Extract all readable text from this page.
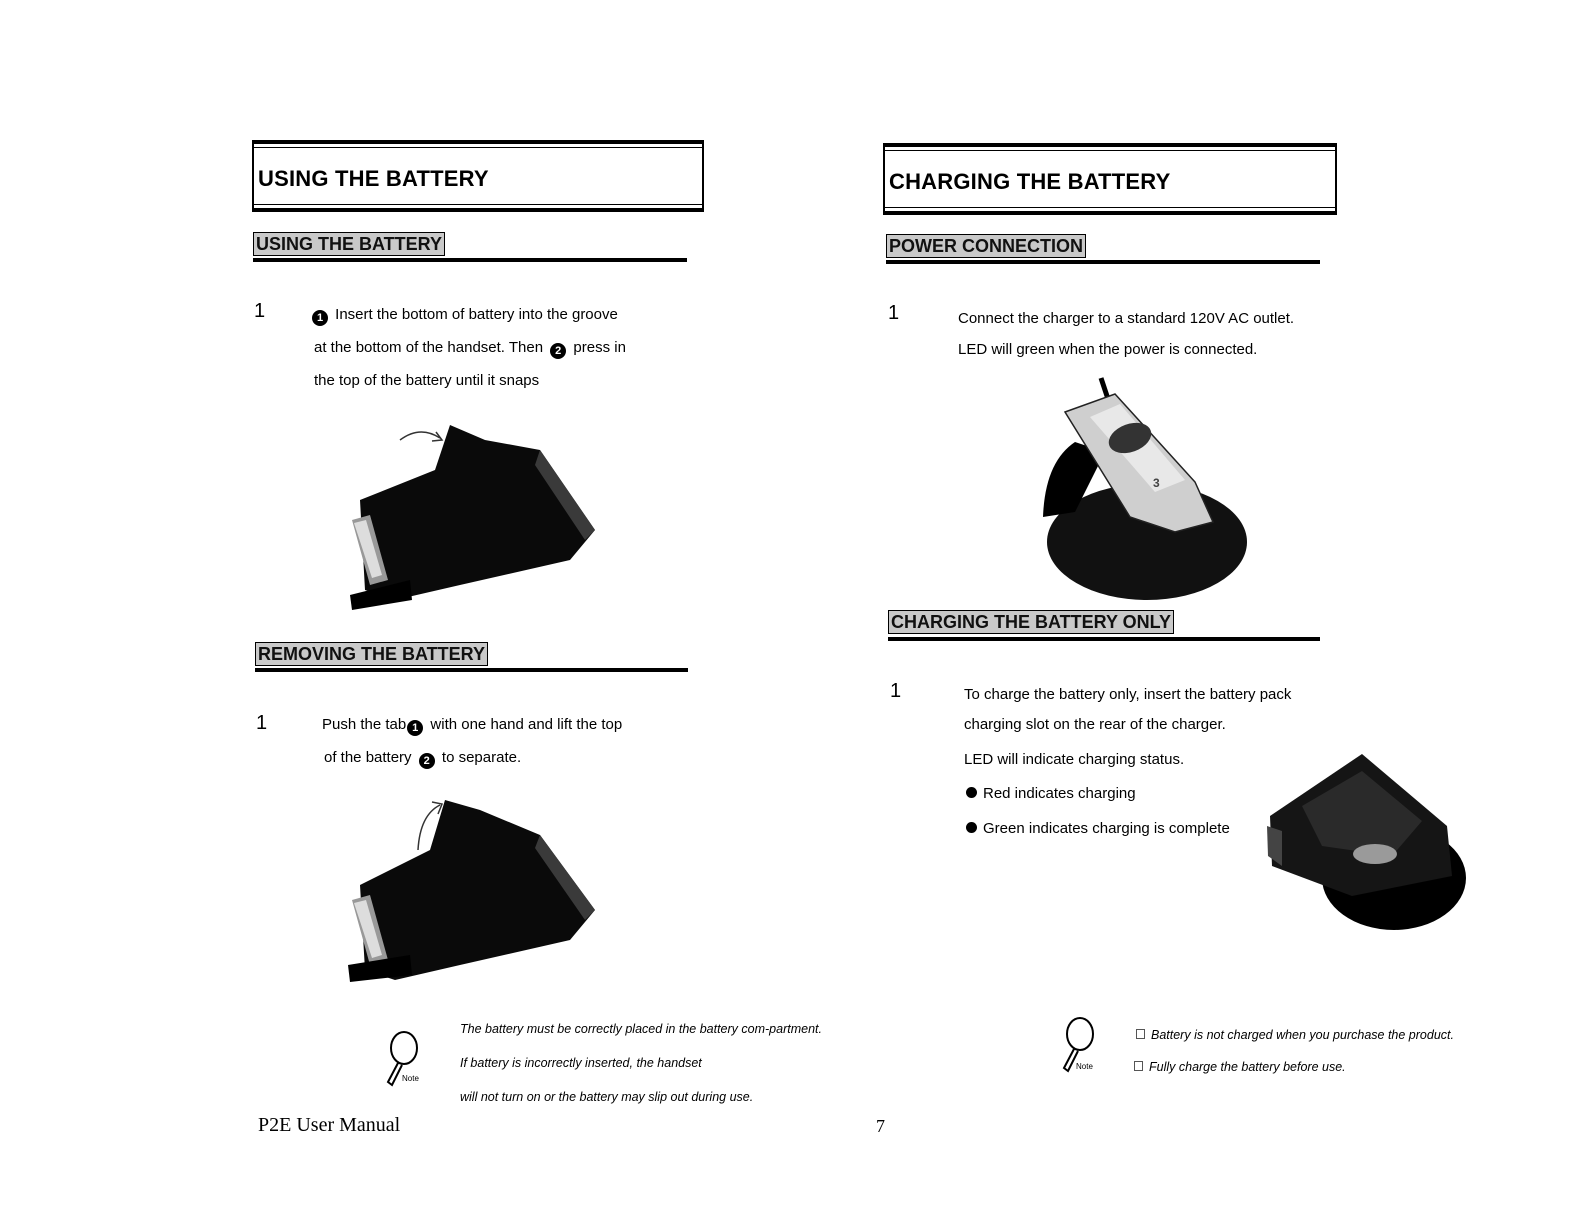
USING THE BATTERY
USING THE BATTERY
1	1 Insert the bottom of battery into the groove
at the bottom of the handset. Then 2 press in
the top of the battery until it snaps
REMOVING THE BATTERY
1	Push the tab 1 with one hand and lift the top
of the battery 2 to separate.
Note
The battery must be correctly placed in the battery com-partment.
If battery is incorrectly inserted, the handset
will not turn on or the battery may slip out during use.
P2E User Manual	7
CHARGING THE BATTERY
POWER CONNECTION
1	Connect the charger to a standard 120V AC outlet.
LED will green when the power is connected.
3
CHARGING THE BATTERY ONLY
1	To charge the battery only, insert the battery pack
charging slot on the rear of the charger.
LED will indicate charging status.
Red indicates charging
Green indicates charging is complete
Note
Battery is not charged when you purchase the product.
Fully charge the battery before use.
